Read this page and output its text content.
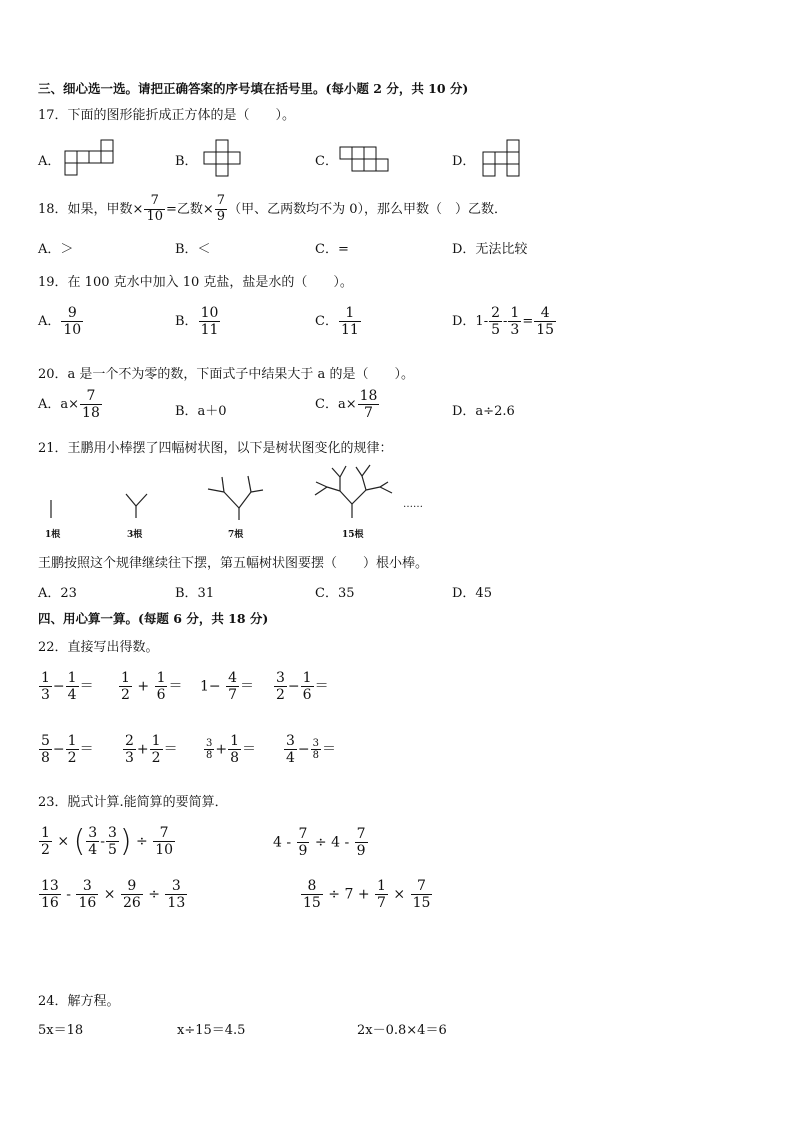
三、细心选一选。请把正确答案的序号填在括号里。(每小题 2 分，共 10 分)
17．下面的图形能折成正方体的是（　　）。
A．	B．	C．	D．
18．如果，甲数× $\frac{7}{10}$ =乙数× $\frac{7}{9}$ （甲、乙两数均不为 0），那么甲数（　）乙数．
A．＞	B．＜	C．=	D．无法比较
19．在 100 克水中加入 10 克盐，盐是水的（　　）。
A． $\frac{9}{10}$	B． $\frac{10}{11}$	C． $\frac{1}{11}$	D．$1- \frac{2}{5} - \frac{1}{3} = \frac{4}{15}$
20．a 是一个不为零的数，下面式子中结果大于 a 的是（　　）。
A．$a\times \frac{7}{18}$	B．a＋0	C．$a\times \frac{18}{7}$	D．a÷2.6
21．王鹏用小棒摆了四幅树状图，以下是树状图变化的规律：
1根	3根	7根	15根
……
王鹏按照这个规律继续往下摆，第五幅树状图要摆（　　）根小棒。
A．23	B．31	C．35	D．45
四、用心算一算。(每题 6 分，共 18 分)
22．直接写出得数。
$\frac{1}{3} - \frac{1}{4} = \frac{1}{2} + \frac{1}{6} = 1- \frac{4}{7} = \frac{3}{2} - \frac{1}{6}$ ＝
$\frac{5}{8} - \frac{1}{2} = \frac{2}{3} + \frac{1}{2}$ ＝	$\frac{3}{8} + \frac{1}{8} = \frac{3}{4} - \frac{3}{8}$ ＝
23．脱式计算.能简算的要简算．
$\frac{1}{2}$ × ( $\frac{3}{4} - \frac{3}{5}$ ) ÷ $\frac{7}{10}$	$4 - \frac{7}{9} \div 4 - \frac{7}{9}$
$\frac{13}{16} - \frac{3}{16} \times \frac{9}{26} \div \frac{3}{13}$	$\frac{8}{15} \div 7 + \frac{1}{7} \times \frac{7}{15}$
24．解方程。
5x＝18	x÷15＝4.5	2x－0.8×4＝6
